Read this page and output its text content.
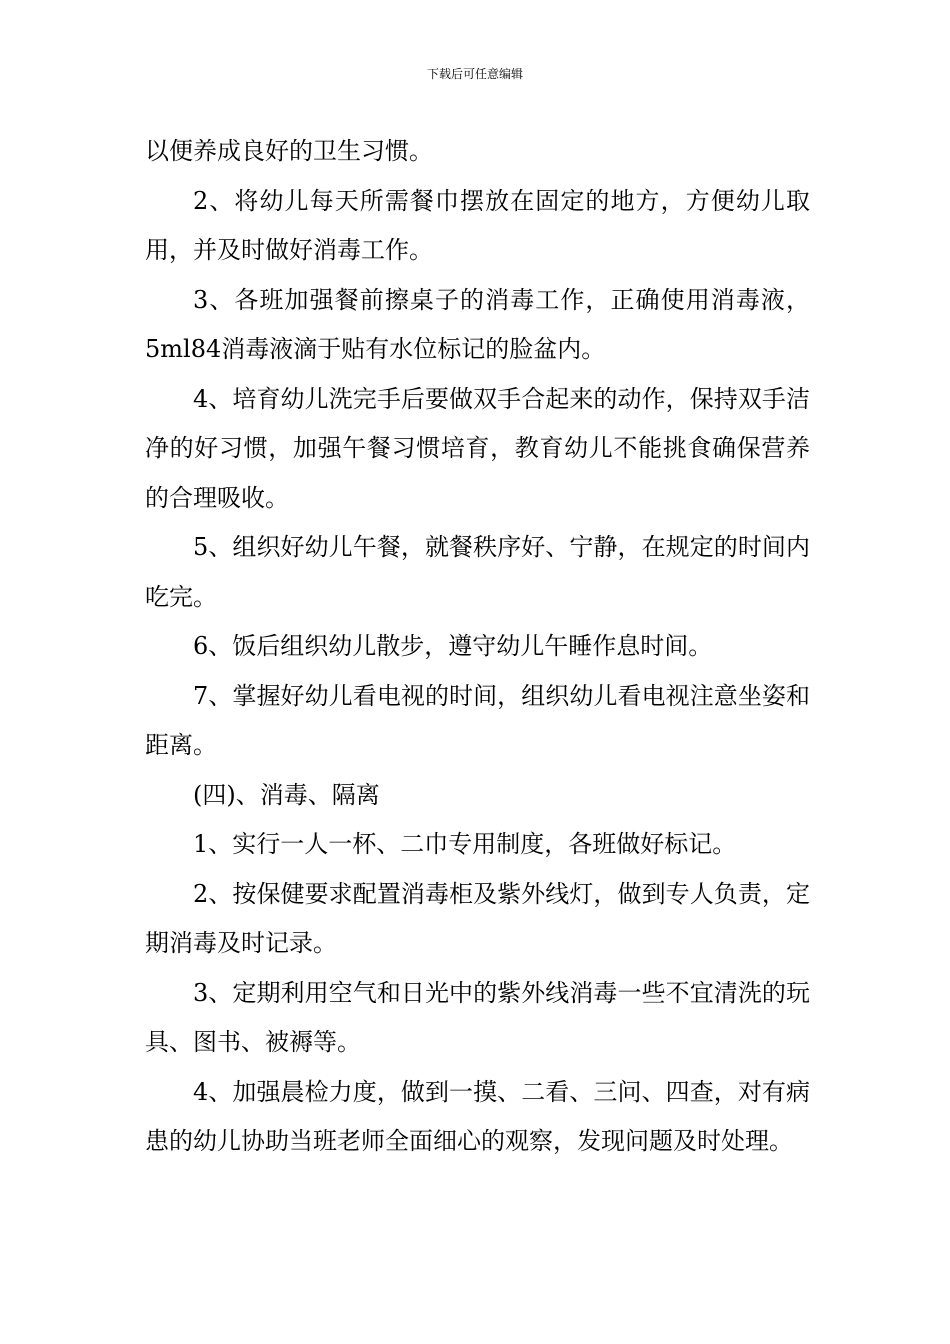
下载后可任意编辑

以便养成良好的卫生习惯。

2、将幼儿每天所需餐巾摆放在固定的地方，方便幼儿取用，并及时做好消毒工作。

3、各班加强餐前擦桌子的消毒工作，正确使用消毒液，5ml84消毒液滴于贴有水位标记的脸盆内。

4、培育幼儿洗完手后要做双手合起来的动作，保持双手洁净的好习惯，加强午餐习惯培育，教育幼儿不能挑食确保营养的合理吸收。

5、组织好幼儿午餐，就餐秩序好、宁静，在规定的时间内吃完。

6、饭后组织幼儿散步，遵守幼儿午睡作息时间。

7、掌握好幼儿看电视的时间，组织幼儿看电视注意坐姿和距离。

(四)、消毒、隔离

1、实行一人一杯、二巾专用制度，各班做好标记。

2、按保健要求配置消毒柜及紫外线灯，做到专人负责，定期消毒及时记录。

3、定期利用空气和日光中的紫外线消毒一些不宜清洗的玩具、图书、被褥等。

4、加强晨检力度，做到一摸、二看、三问、四查，对有病患的幼儿协助当班老师全面细心的观察，发现问题及时处理。
